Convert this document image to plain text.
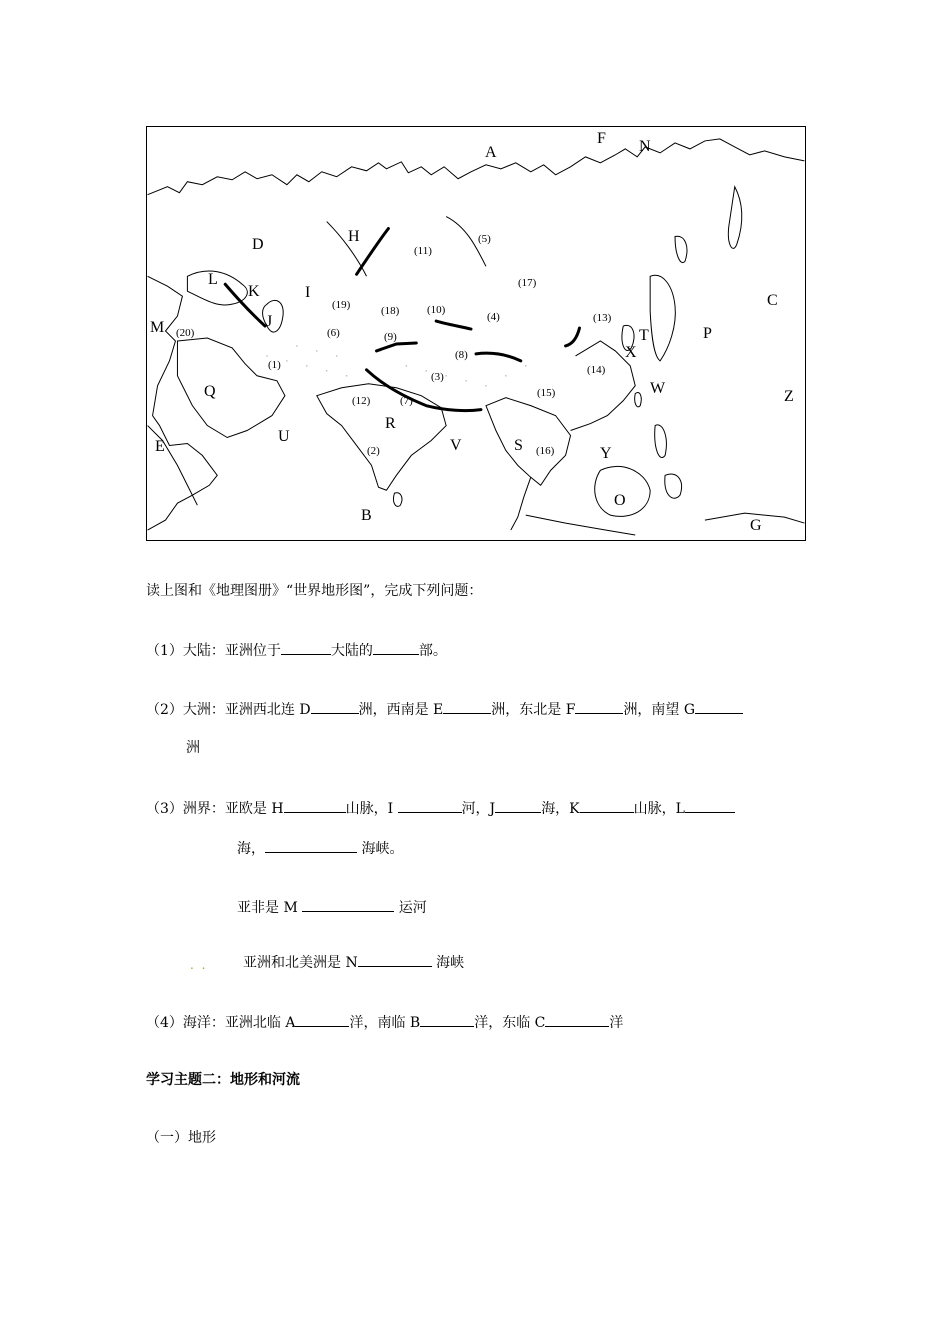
A
B
C
D
E
F
G
H
I
J
K
L
M
N
O
P
Q
R
S
T
U
V
W
X
Y
Z
(1)
(2)
(3)
(4)
(5)
(6)
(7)
(8)
(9)
(10)
(11)
(12)
(13)
(14)
(15)
(16)
(17)
(18)
(19)
(20)
读上图和《地理图册》“世界地形图”，完成下列问题：
（1）大陆：亚洲位于	大陆的	部。
（2）大洲：亚洲西北连 D	洲，西南是 E	洲，东北是 F	洲，南望 G
洲
（3）洲界：亚欧是 H	山脉，I	河，J	海，K	山脉，L
海，	海峡。
亚非是 M	运河
. .	亚洲和北美洲是 N	海峡
（4）海洋：亚洲北临 A	洋，南临 B	洋，东临 C	洋
学习主题二：地形和河流
（一）地形
